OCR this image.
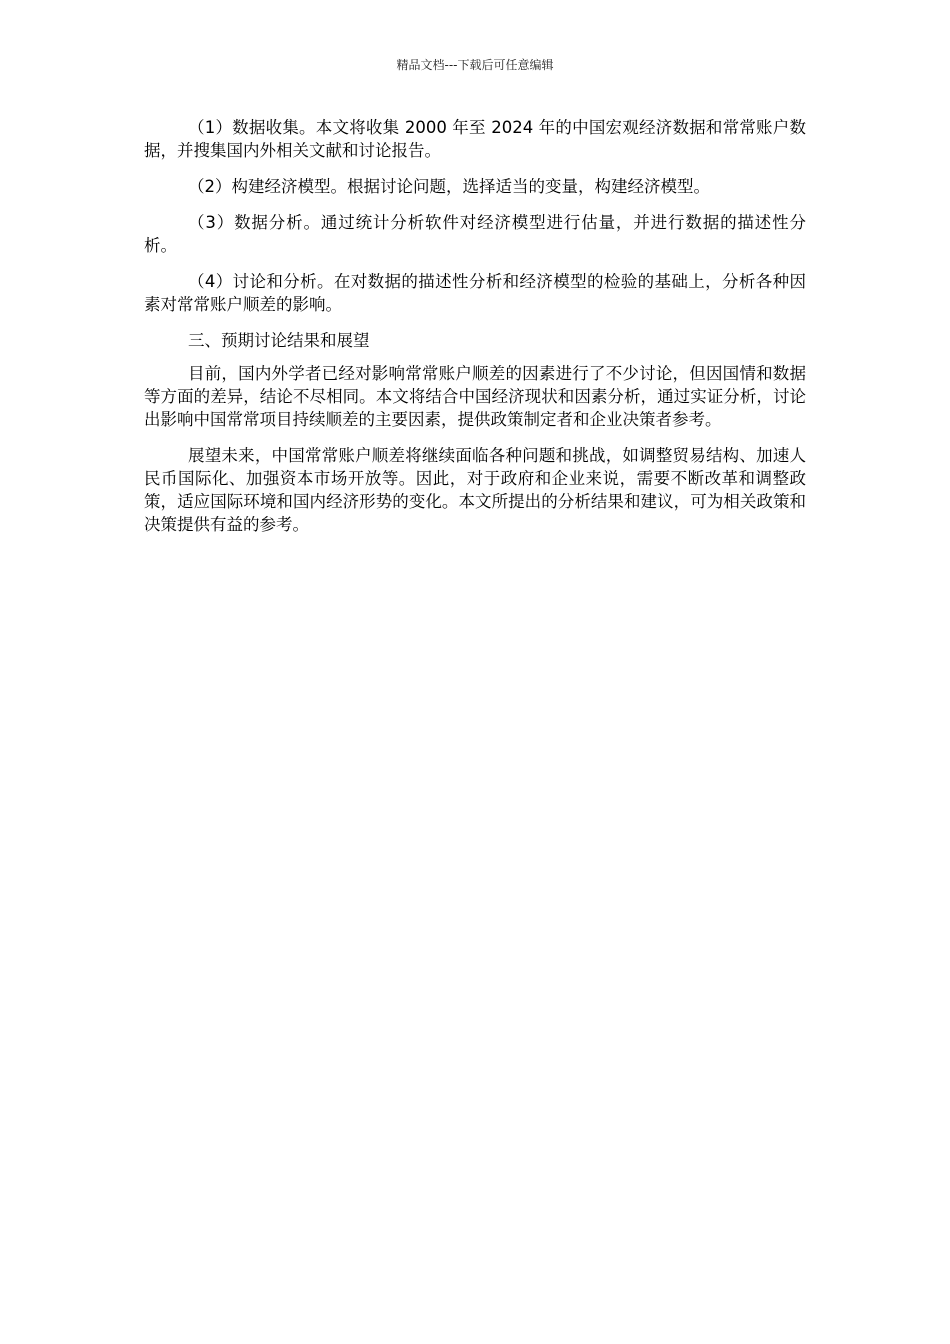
精品文档---下载后可任意编辑

（1）数据收集。本文将收集 2000 年至 2024 年的中国宏观经济数据和常常账户数据，并搜集国内外相关文献和讨论报告。

（2）构建经济模型。根据讨论问题，选择适当的变量，构建经济模型。

（3）数据分析。通过统计分析软件对经济模型进行估量，并进行数据的描述性分析。

（4）讨论和分析。在对数据的描述性分析和经济模型的检验的基础上，分析各种因素对常常账户顺差的影响。

三、预期讨论结果和展望

目前，国内外学者已经对影响常常账户顺差的因素进行了不少讨论，但因国情和数据等方面的差异，结论不尽相同。本文将结合中国经济现状和因素分析，通过实证分析，讨论出影响中国常常项目持续顺差的主要因素，提供政策制定者和企业决策者参考。

展望未来，中国常常账户顺差将继续面临各种问题和挑战，如调整贸易结构、加速人民币国际化、加强资本市场开放等。因此，对于政府和企业来说，需要不断改革和调整政策，适应国际环境和国内经济形势的变化。本文所提出的分析结果和建议，可为相关政策和决策提供有益的参考。
